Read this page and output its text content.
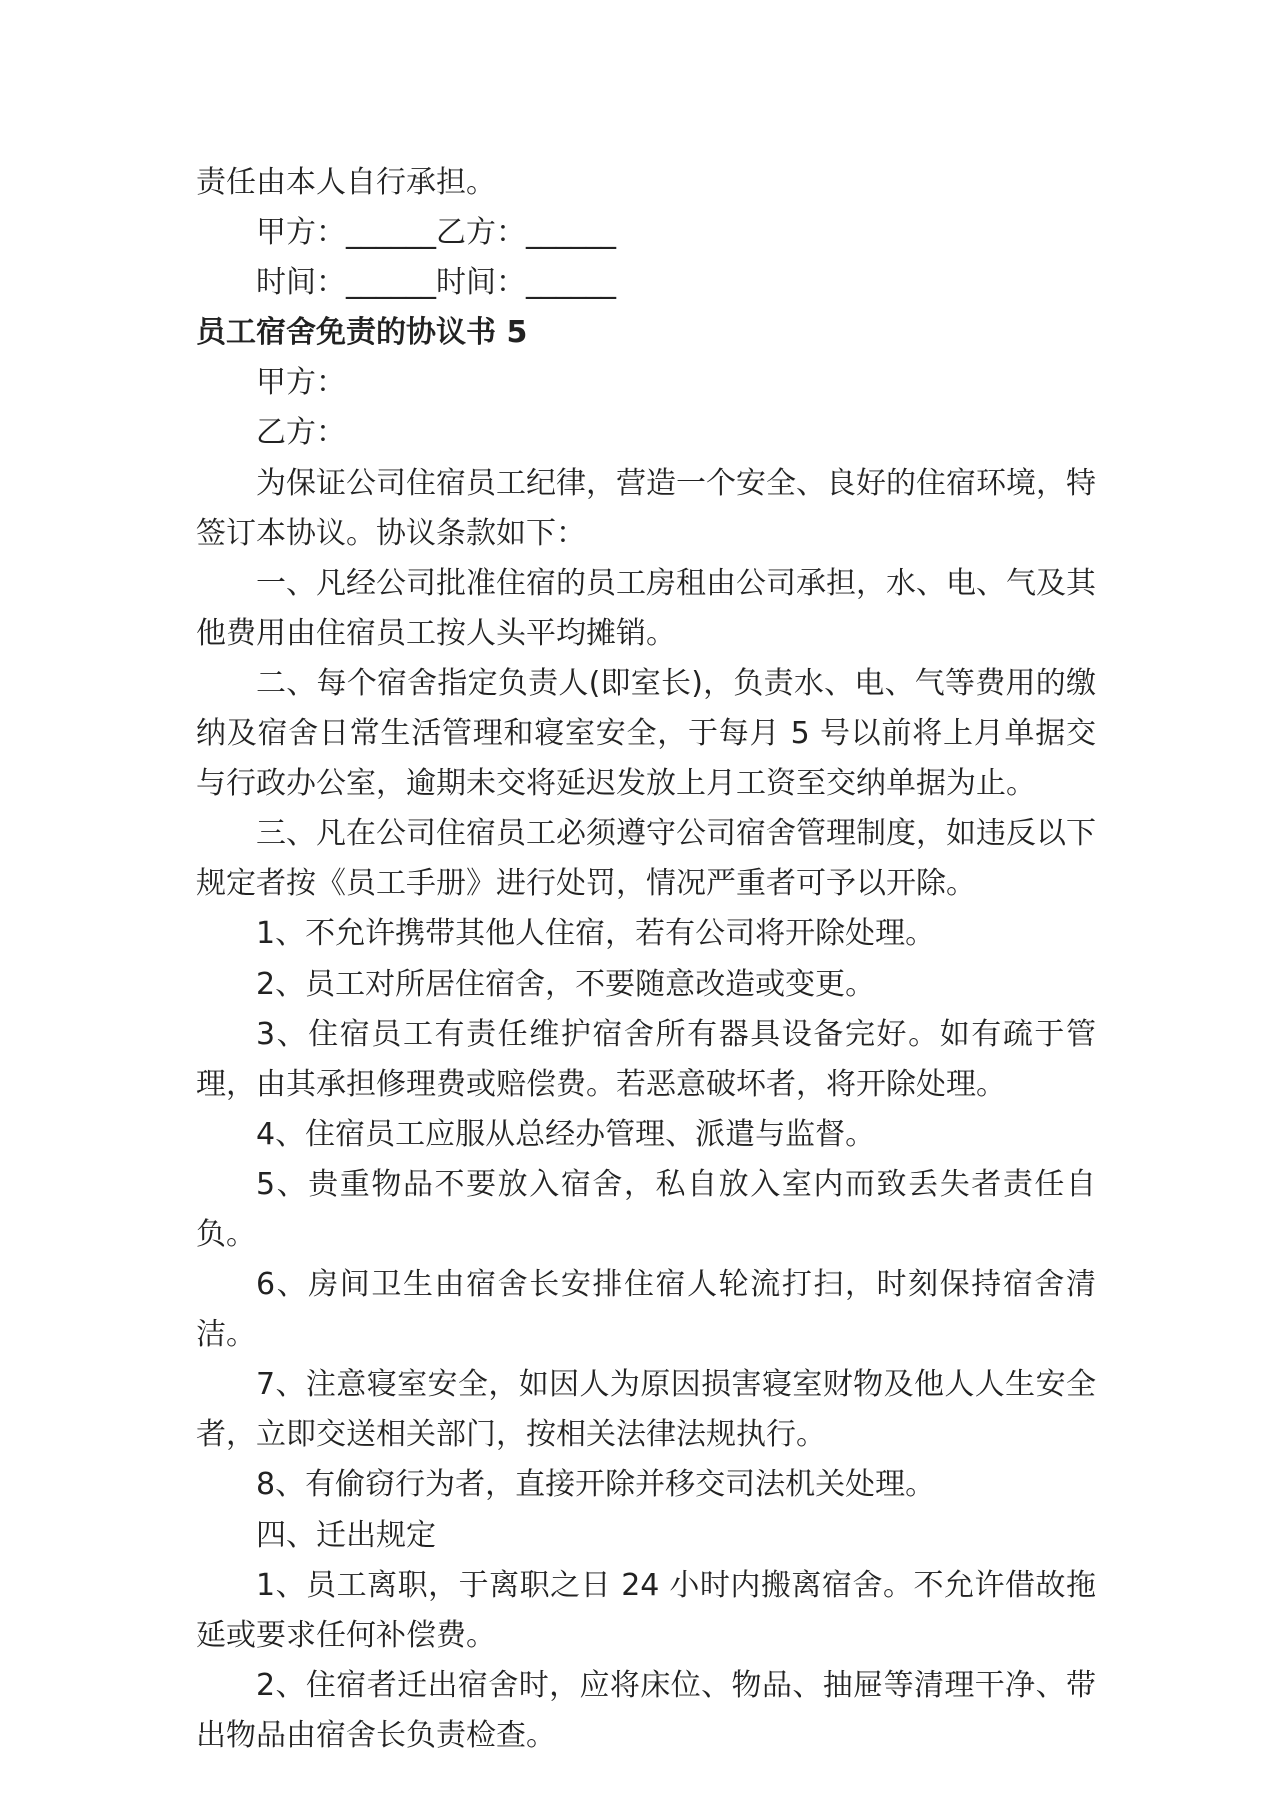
责任由本人自行承担。

甲方：______乙方：______

时间：______时间：______

员工宿舍免责的协议书 5

甲方：

乙方：

为保证公司住宿员工纪律，营造一个安全、良好的住宿环境，特签订本协议。协议条款如下：

一、凡经公司批准住宿的员工房租由公司承担，水、电、气及其他费用由住宿员工按人头平均摊销。

二、每个宿舍指定负责人(即室长)，负责水、电、气等费用的缴纳及宿舍日常生活管理和寝室安全，于每月 5 号以前将上月单据交与行政办公室，逾期未交将延迟发放上月工资至交纳单据为止。

三、凡在公司住宿员工必须遵守公司宿舍管理制度，如违反以下规定者按《员工手册》进行处罚，情况严重者可予以开除。

1、不允许携带其他人住宿，若有公司将开除处理。

2、员工对所居住宿舍，不要随意改造或变更。

3、住宿员工有责任维护宿舍所有器具设备完好。如有疏于管理，由其承担修理费或赔偿费。若恶意破坏者，将开除处理。

4、住宿员工应服从总经办管理、派遣与监督。

5、贵重物品不要放入宿舍，私自放入室内而致丢失者责任自负。

6、房间卫生由宿舍长安排住宿人轮流打扫，时刻保持宿舍清洁。

7、注意寝室安全，如因人为原因损害寝室财物及他人人生安全者，立即交送相关部门，按相关法律法规执行。

8、有偷窃行为者，直接开除并移交司法机关处理。

四、迁出规定

1、员工离职，于离职之日 24 小时内搬离宿舍。不允许借故拖延或要求任何补偿费。

2、住宿者迁出宿舍时，应将床位、物品、抽屉等清理干净、带出物品由宿舍长负责检查。
